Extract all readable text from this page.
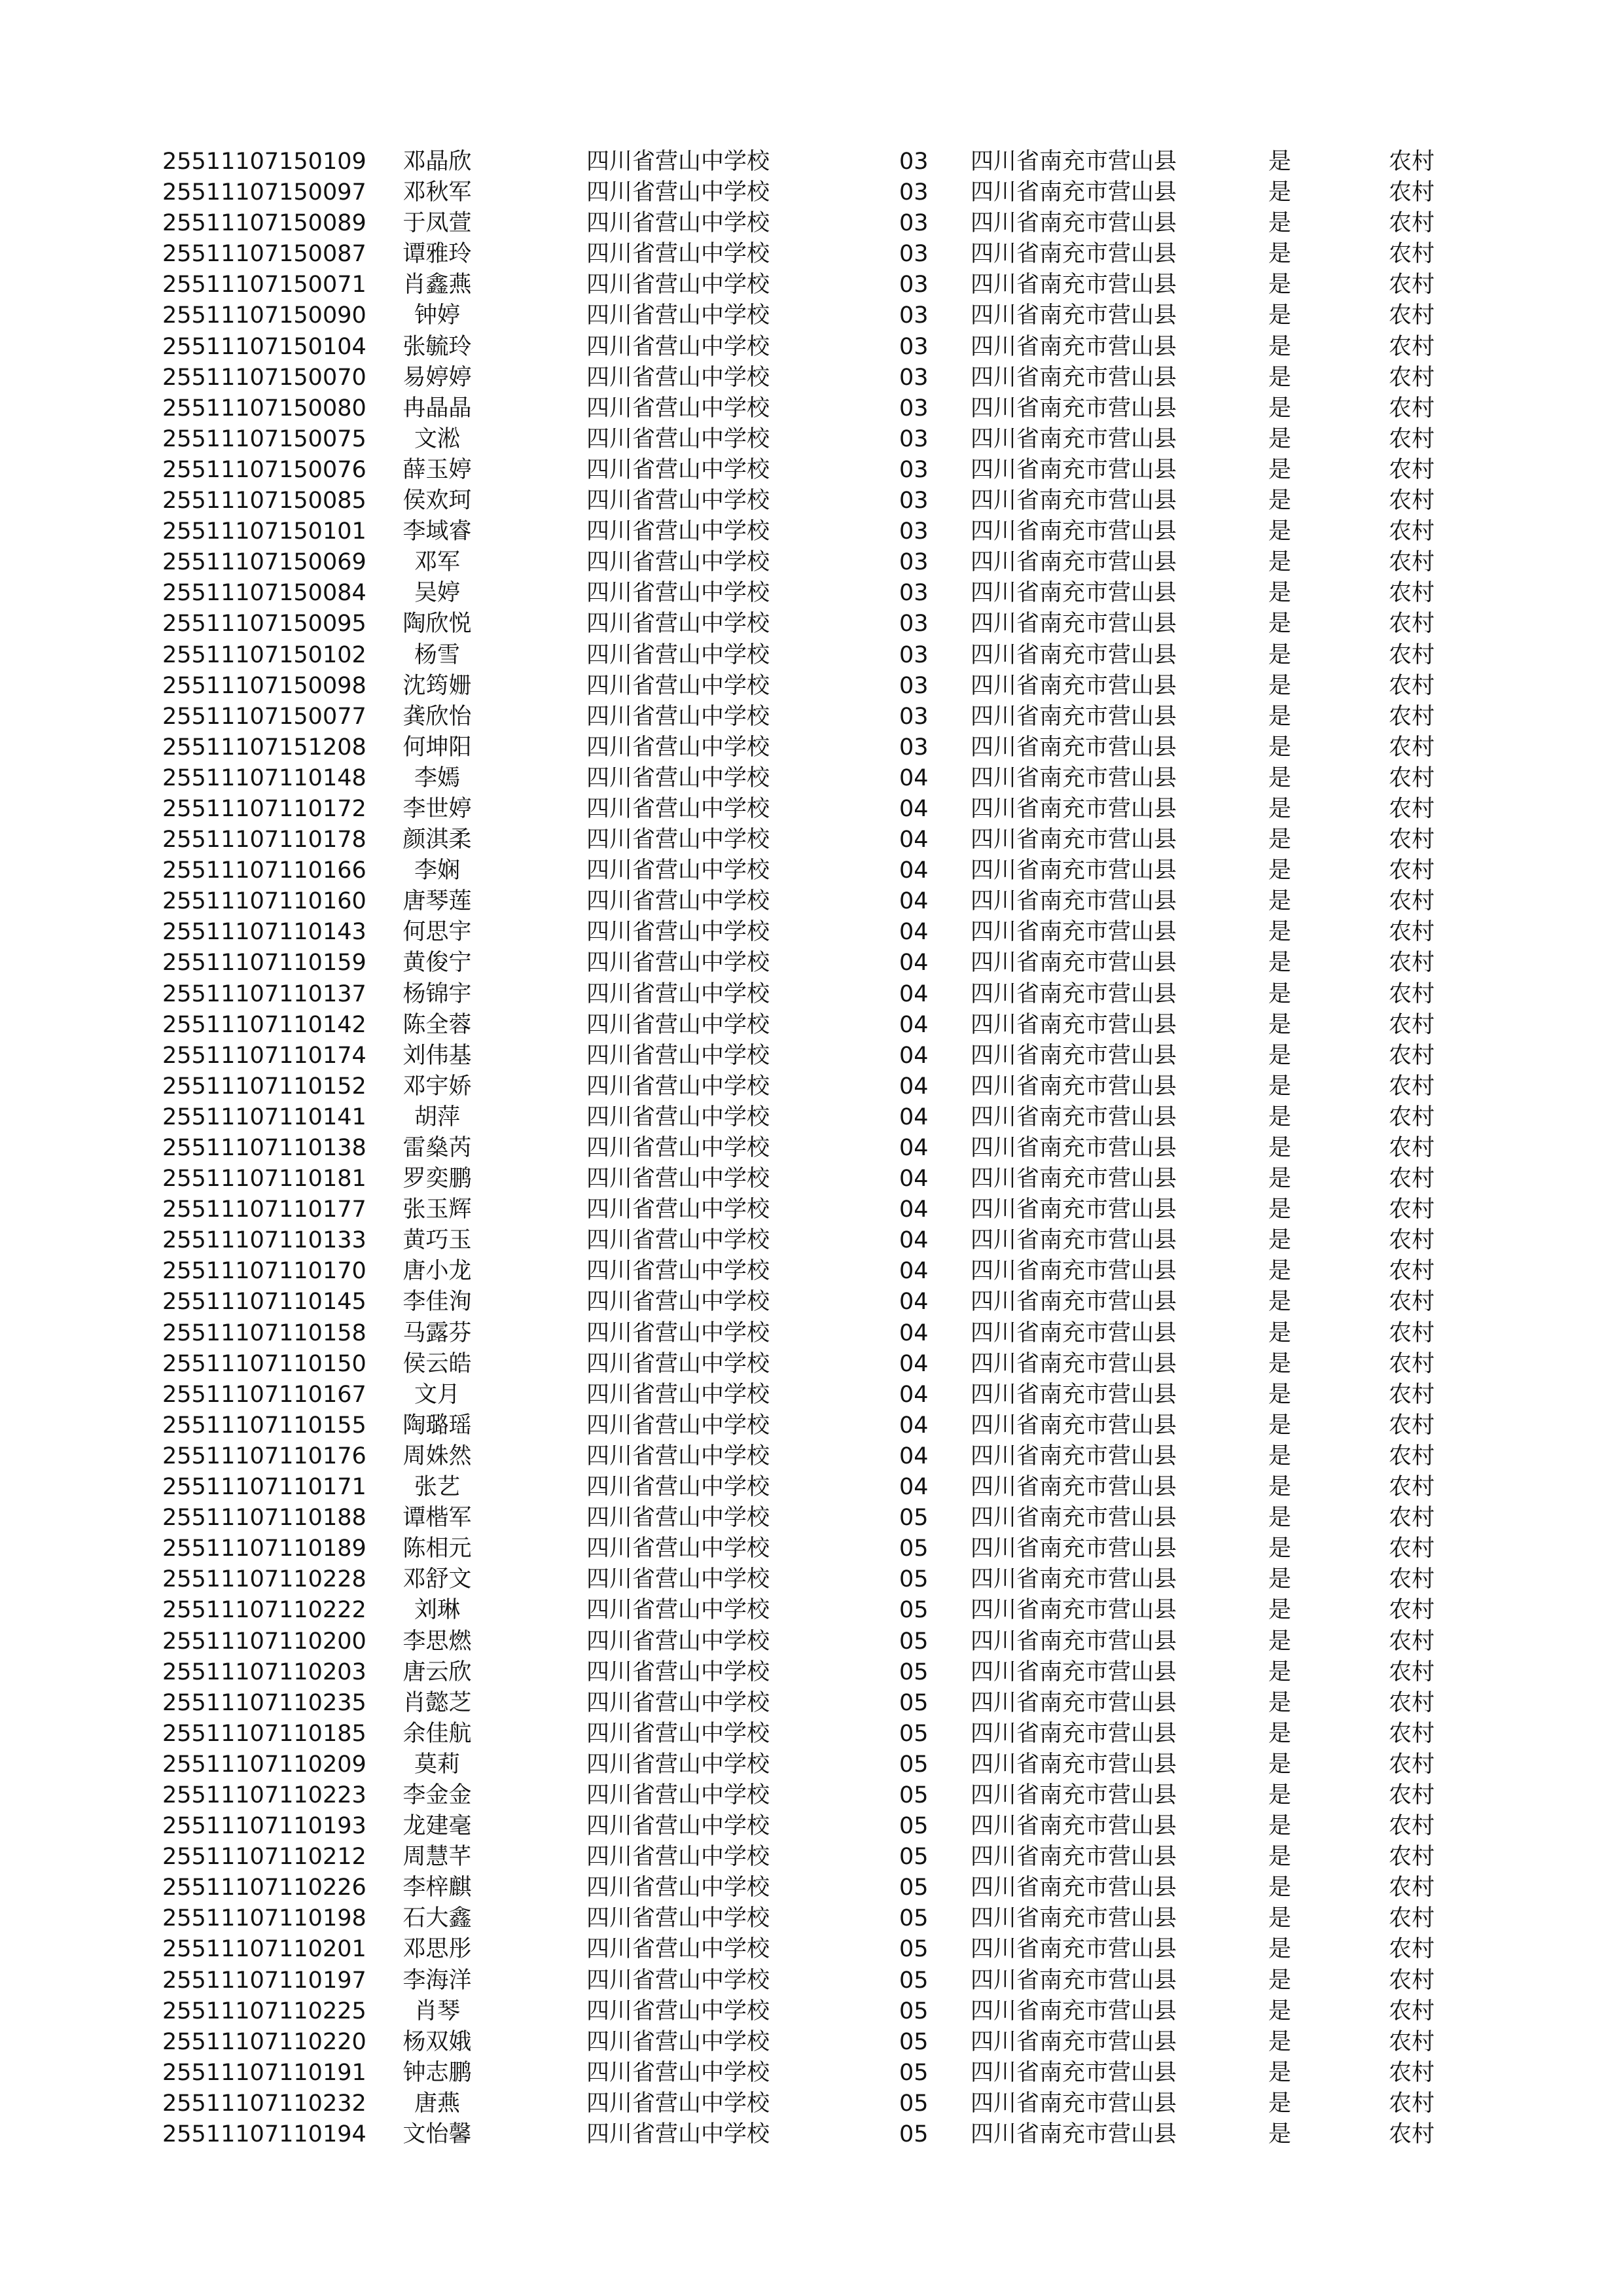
25511107150109	邓晶欣	四川省营山中学校	03 四川省南充市营山县	是	农村
25511107150097	邓秋军	四川省营山中学校	03 四川省南充市营山县	是	农村
25511107150089	于凤萱	四川省营山中学校	03 四川省南充市营山县	是	农村
25511107150087	谭雅玲	四川省营山中学校	03 四川省南充市营山县	是	农村
25511107150071	肖鑫燕	四川省营山中学校	03 四川省南充市营山县	是	农村
25511107150090	钟婷	四川省营山中学校	03 四川省南充市营山县	是	农村
25511107150104	张毓玲	四川省营山中学校	03 四川省南充市营山县	是	农村
25511107150070	易婷婷	四川省营山中学校	03 四川省南充市营山县	是	农村
25511107150080	冉晶晶	四川省营山中学校	03 四川省南充市营山县	是	农村
25511107150075	文淞	四川省营山中学校	03 四川省南充市营山县	是	农村
25511107150076	薛玉婷	四川省营山中学校	03 四川省南充市营山县	是	农村
25511107150085	侯欢珂	四川省营山中学校	03 四川省南充市营山县	是	农村
25511107150101	李域睿	四川省营山中学校	03 四川省南充市营山县	是	农村
25511107150069	邓军	四川省营山中学校	03 四川省南充市营山县	是	农村
25511107150084	吴婷	四川省营山中学校	03 四川省南充市营山县	是	农村
25511107150095	陶欣悦	四川省营山中学校	03 四川省南充市营山县	是	农村
25511107150102	杨雪	四川省营山中学校	03 四川省南充市营山县	是	农村
25511107150098	沈筠姗	四川省营山中学校	03 四川省南充市营山县	是	农村
25511107150077	龚欣怡	四川省营山中学校	03 四川省南充市营山县	是	农村
25511107151208	何坤阳	四川省营山中学校	03 四川省南充市营山县	是	农村
25511107110148	李嫣	四川省营山中学校	04 四川省南充市营山县	是	农村
25511107110172	李世婷	四川省营山中学校	04 四川省南充市营山县	是	农村
25511107110178	颜淇柔	四川省营山中学校	04 四川省南充市营山县	是	农村
25511107110166	李娴	四川省营山中学校	04 四川省南充市营山县	是	农村
25511107110160	唐琴莲	四川省营山中学校	04 四川省南充市营山县	是	农村
25511107110143	何思宇	四川省营山中学校	04 四川省南充市营山县	是	农村
25511107110159	黄俊宁	四川省营山中学校	04 四川省南充市营山县	是	农村
25511107110137	杨锦宇	四川省营山中学校	04 四川省南充市营山县	是	农村
25511107110142	陈全蓉	四川省营山中学校	04 四川省南充市营山县	是	农村
25511107110174	刘伟基	四川省营山中学校	04 四川省南充市营山县	是	农村
25511107110152	邓宇娇	四川省营山中学校	04 四川省南充市营山县	是	农村
25511107110141	胡萍	四川省营山中学校	04 四川省南充市营山县	是	农村
25511107110138	雷燊芮	四川省营山中学校	04 四川省南充市营山县	是	农村
25511107110181	罗奕鹏	四川省营山中学校	04 四川省南充市营山县	是	农村
25511107110177	张玉辉	四川省营山中学校	04 四川省南充市营山县	是	农村
25511107110133	黄巧玉	四川省营山中学校	04 四川省南充市营山县	是	农村
25511107110170	唐小龙	四川省营山中学校	04 四川省南充市营山县	是	农村
25511107110145	李佳洵	四川省营山中学校	04 四川省南充市营山县	是	农村
25511107110158	马露芬	四川省营山中学校	04 四川省南充市营山县	是	农村
25511107110150	侯云皓	四川省营山中学校	04 四川省南充市营山县	是	农村
25511107110167	文月	四川省营山中学校	04 四川省南充市营山县	是	农村
25511107110155	陶璐瑶	四川省营山中学校	04 四川省南充市营山县	是	农村
25511107110176	周姝然	四川省营山中学校	04 四川省南充市营山县	是	农村
25511107110171	张艺	四川省营山中学校	04 四川省南充市营山县	是	农村
25511107110188	谭楷军	四川省营山中学校	05 四川省南充市营山县	是	农村
25511107110189	陈相元	四川省营山中学校	05 四川省南充市营山县	是	农村
25511107110228	邓舒文	四川省营山中学校	05 四川省南充市营山县	是	农村
25511107110222	刘琳	四川省营山中学校	05 四川省南充市营山县	是	农村
25511107110200	李思燃	四川省营山中学校	05 四川省南充市营山县	是	农村
25511107110203	唐云欣	四川省营山中学校	05 四川省南充市营山县	是	农村
25511107110235	肖懿芝	四川省营山中学校	05 四川省南充市营山县	是	农村
25511107110185	余佳航	四川省营山中学校	05 四川省南充市营山县	是	农村
25511107110209	莫莉	四川省营山中学校	05 四川省南充市营山县	是	农村
25511107110223	李金金	四川省营山中学校	05 四川省南充市营山县	是	农村
25511107110193	龙建毫	四川省营山中学校	05 四川省南充市营山县	是	农村
25511107110212	周慧芊	四川省营山中学校	05 四川省南充市营山县	是	农村
25511107110226	李梓麒	四川省营山中学校	05 四川省南充市营山县	是	农村
25511107110198	石大鑫	四川省营山中学校	05 四川省南充市营山县	是	农村
25511107110201	邓思彤	四川省营山中学校	05 四川省南充市营山县	是	农村
25511107110197	李海洋	四川省营山中学校	05 四川省南充市营山县	是	农村
25511107110225	肖琴	四川省营山中学校	05 四川省南充市营山县	是	农村
25511107110220	杨双娥	四川省营山中学校	05 四川省南充市营山县	是	农村
25511107110191	钟志鹏	四川省营山中学校	05 四川省南充市营山县	是	农村
25511107110232	唐燕	四川省营山中学校	05 四川省南充市营山县	是	农村
25511107110194	文怡馨	四川省营山中学校	05 四川省南充市营山县	是	农村
